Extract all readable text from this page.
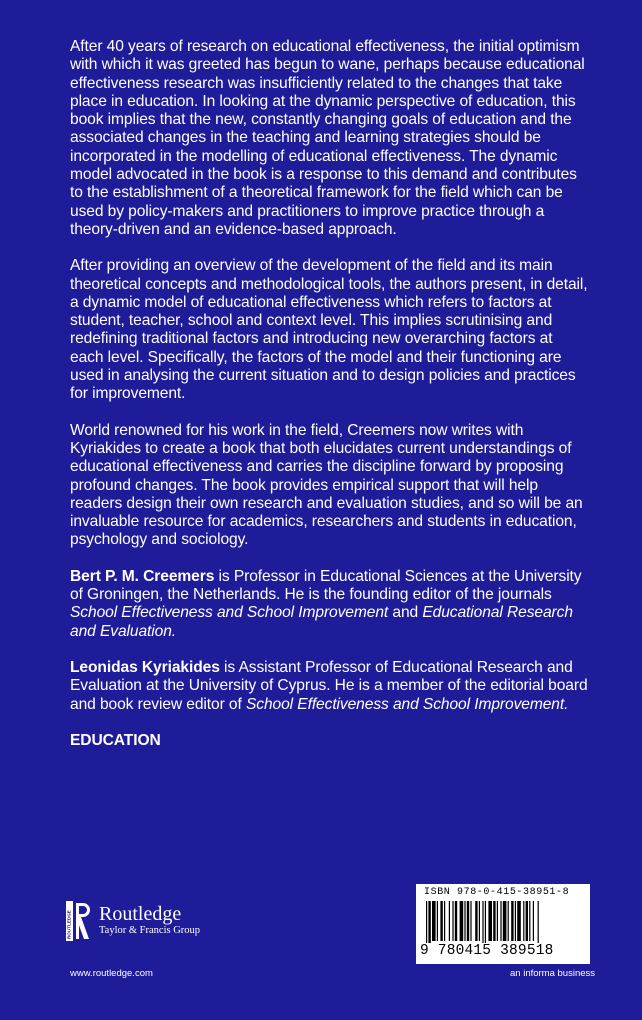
After 40 years of research on educational effectiveness, the initial optimism with which it was greeted has begun to wane, perhaps because educational effectiveness research was insufficiently related to the changes that take place in education. In looking at the dynamic perspective of education, this book implies that the new, constantly changing goals of education and the associated changes in the teaching and learning strategies should be incorporated in the modelling of educational effectiveness. The dynamic model advocated in the book is a response to this demand and contributes to the establishment of a theoretical framework for the field which can be used by policy-makers and practitioners to improve practice through a theory-driven and an evidence-based approach.

After providing an overview of the development of the field and its main theoretical concepts and methodological tools, the authors present, in detail, a dynamic model of educational effectiveness which refers to factors at student, teacher, school and context level. This implies scrutinising and redefining traditional factors and introducing new overarching factors at each level. Specifically, the factors of the model and their functioning are used in analysing the current situation and to design policies and practices for improvement.

World renowned for his work in the field, Creemers now writes with Kyriakides to create a book that both elucidates current understandings of educational effectiveness and carries the discipline forward by proposing profound changes. The book provides empirical support that will help readers design their own research and evaluation studies, and so will be an invaluable resource for academics, researchers and students in education, psychology and sociology.

Bert P. M. Creemers is Professor in Educational Sciences at the University of Groningen, the Netherlands. He is the founding editor of the journals School Effectiveness and School Improvement and Educational Research and Evaluation.

Leonidas Kyriakides is Assistant Professor of Educational Research and Evaluation at the University of Cyprus. He is a member of the editorial board and book review editor of School Effectiveness and School Improvement.

EDUCATION
ROUTLEDGE Routledge
Taylor & Francis Group
ISBN 978-0-415-38951-8
9 780415 389518
www.routledge.com	an informa business
